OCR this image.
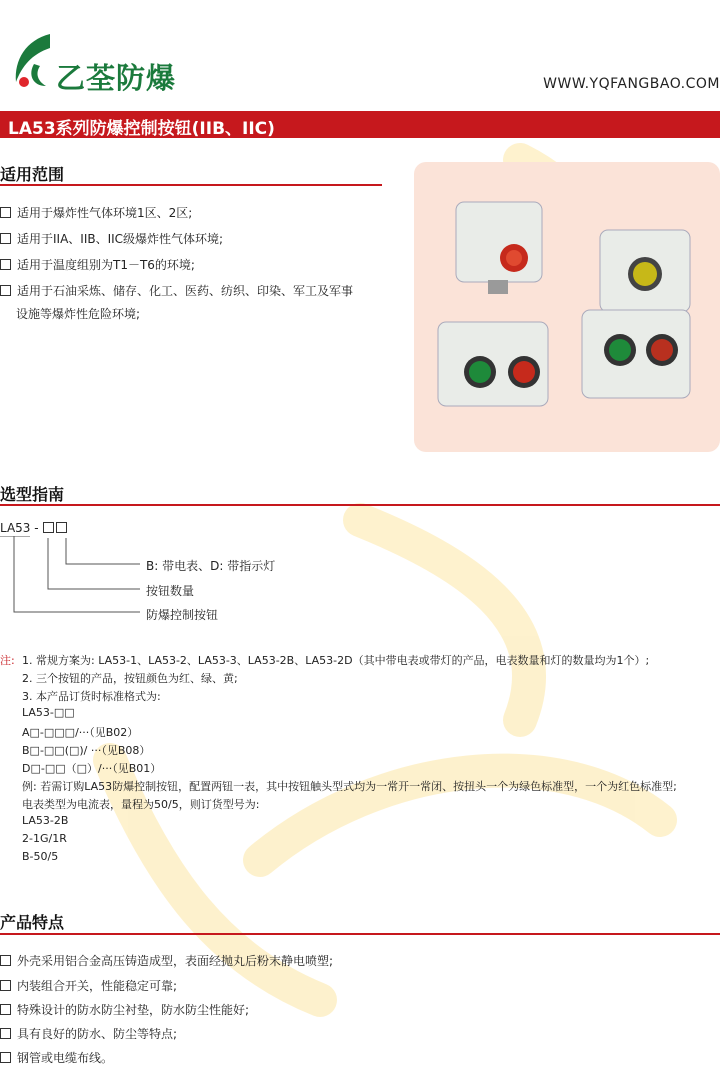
乙荃防爆	WWW.YQFANGBAO.COM
LA53系列防爆控制按钮(IIB、IIC)
适用范围
适用于爆炸性气体环境1区、2区;
适用于IIA、IIB、IIC级爆炸性气体环境;
适用于温度组别为T1－T6的环境;
适用于石油采炼、储存、化工、医药、纺织、印染、军工及军事
设施等爆炸性危险环境;
选型指南
LA53 -
B: 带电表、D: 带指示灯
按钮数量
防爆控制按钮
注: 1. 常规方案为: LA53-1、LA53-2、LA53-3、LA53-2B、LA53-2D（其中带电表或带灯的产品，电表数量和灯的数量均为1个）;
2. 三个按钮的产品，按钮颜色为红、绿、黄;
3. 本产品订货时标准格式为:
LA53-□□
A□-□□□/···（见B02）
B□-□□(□)/ ···（见B08）
D□-□□（□）/···（见B01）
例: 若需订购LA53防爆控制按钮，配置两钮一表，其中按钮触头型式均为一常开一常闭、按扭头一个为绿色标准型，一个为红色标准型;
电表类型为电流表，量程为50/5，则订货型号为:
LA53-2B
2-1G/1R
B-50/5
产品特点
外壳采用铝合金高压铸造成型，表面经抛丸后粉末静电喷塑;
内装组合开关，性能稳定可靠;
特殊设计的防水防尘衬垫，防水防尘性能好;
具有良好的防水、防尘等特点;
钢管或电缆布线。
